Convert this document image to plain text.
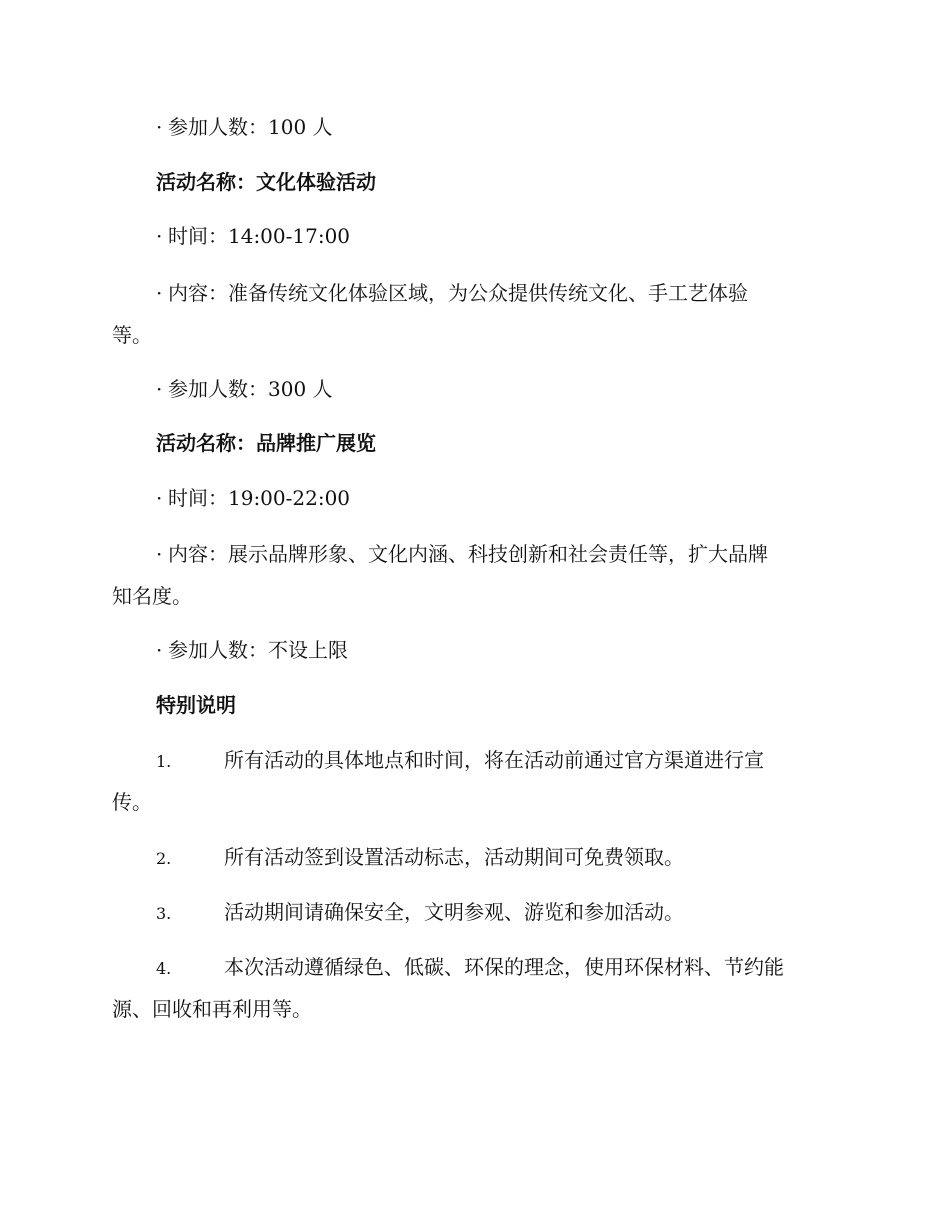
· 参加人数：100 人
活动名称：文化体验活动
· 时间：14:00-17:00
· 内容：准备传统文化体验区域，为公众提供传统文化、手工艺体验
等。
· 参加人数：300 人
活动名称：品牌推广展览
· 时间：19:00-22:00
· 内容：展示品牌形象、文化内涵、科技创新和社会责任等，扩大品牌
知名度。
· 参加人数：不设上限
特别说明
1.	所有活动的具体地点和时间，将在活动前通过官方渠道进行宣
传。
2.	所有活动签到设置活动标志，活动期间可免费领取。
3.	活动期间请确保安全，文明参观、游览和参加活动。
4.	本次活动遵循绿色、低碳、环保的理念，使用环保材料、节约能
源、回收和再利用等。
